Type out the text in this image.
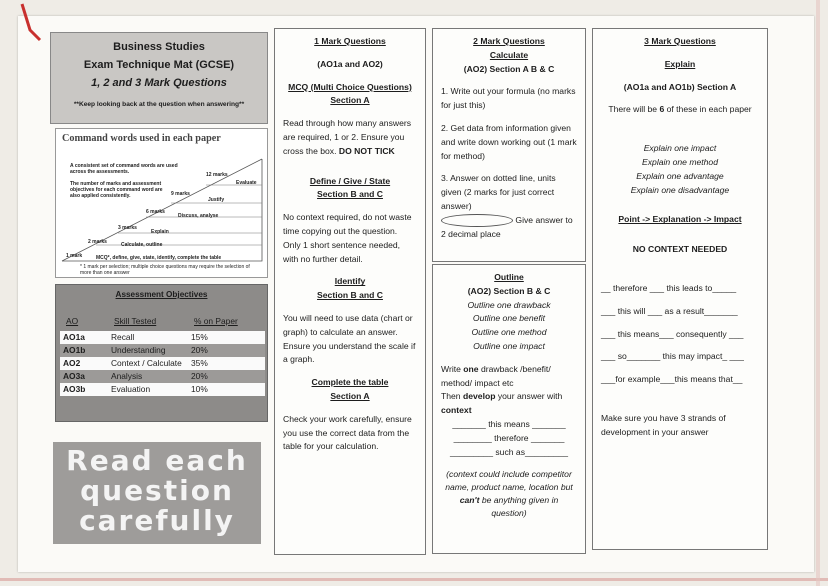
Business Studies
Exam Technique Mat (GCSE)
1, 2 and 3 Mark Questions
**Keep looking back at the question when answering**
Command words used in each paper
A consistent set of command words are used across the assessments.
The number of marks and assessment objectives for each command word are also applied consistently.
12 marks
Evaluate
9 marks
Justify
6 marks
Discuss, analyse
3 marks
Explain
2 marks	Calculate, outline
1 mark	MCQ*, define, give, state, identify, complete the table
* 1 mark per selection; multiple choice questions may require the selection of more than one answer
Assessment Objectives
AO	Skill Tested	% on Paper
AO1a	Recall	15%
AO1b	Understanding	20%
AO2	Context / Calculate	35%
AO3a	Analysis	20%
AO3b	Evaluation	10%
Read each
question
carefully
1 Mark Questions
(AO1a and AO2)
MCQ (Multi Choice Questions)
Section A
Read through how many answers are required, 1 or 2. Ensure you cross the box. DO NOT TICK
Define / Give / State
Section B and C
No context required, do not waste time copying out the question. Only 1 short sentence needed, with no further detail.
Identify
Section B and C
You will need to use data (chart or graph) to calculate an answer. Ensure you understand the scale if a graph.
Complete the table
Section A
Check your work carefully, ensure you use the correct data from the table for your calculation.
2 Mark Questions
Calculate
(AO2) Section A B & C
1. Write out your formula (no marks for just this)
2. Get data from information given and write down working out (1 mark for method)
3. Answer on dotted line, units given (2 marks for just correct answer)
Give answer to 2 decimal place
Outline
(AO2) Section B & C
Outline one drawback
Outline one benefit
Outline one method
Outline one impact
Write one drawback /benefit/ method/ impact etc
Then develop your answer with
context
_______ this means _______
________ therefore _______
_________ such as_________
(context could include competitor name, product name, location but can't be anything given in question)
3 Mark Questions
Explain
(AO1a and AO1b) Section A
There will be 6 of these in each paper
Explain one impact
Explain one method
Explain one advantage
Explain one disadvantage
Point -> Explanation -> Impact
NO CONTEXT NEEDED
__ therefore ___ this leads to_____
___ this will ___ as a result_______
___ this means___ consequently ___
___ so_______ this may impact_ ___
___for example___this means that__
Make sure you have 3 strands of development in your answer
